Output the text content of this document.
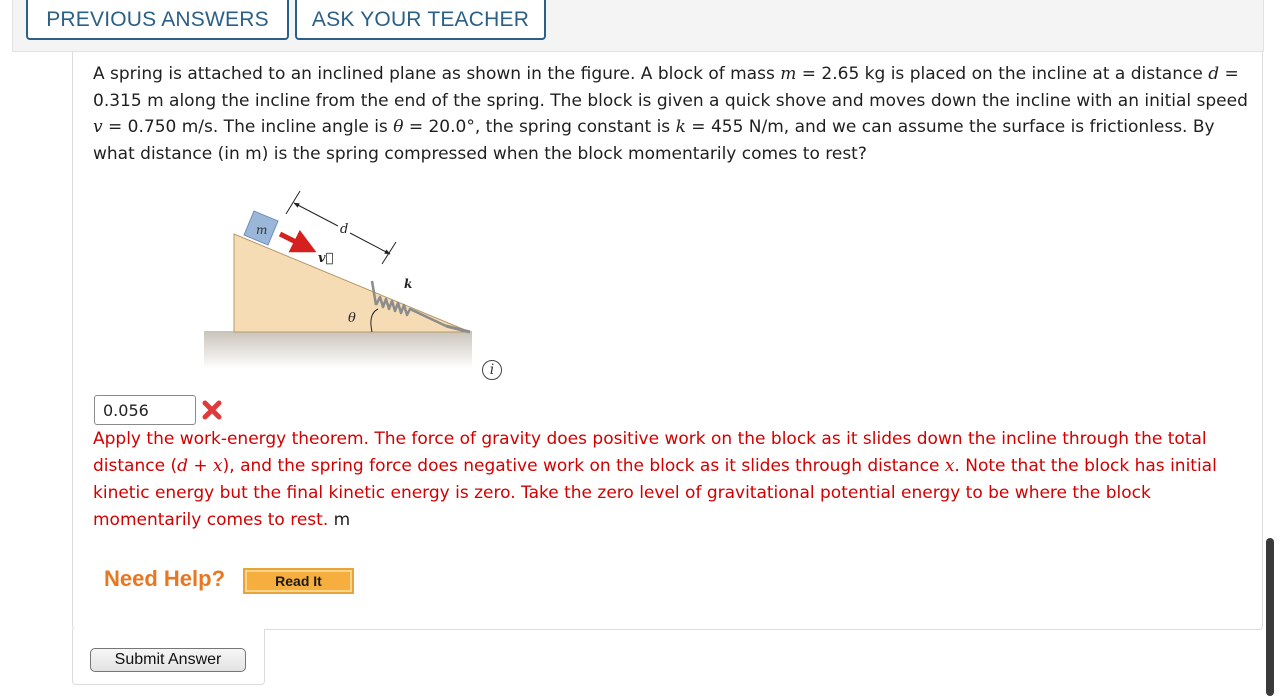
PREVIOUS ANSWERS	ASK YOUR TEACHER

A spring is attached to an inclined plane as shown in the figure. A block of mass m = 2.65 kg is placed on the incline at a distance d = 0.315 m along the incline from the end of the spring. The block is given a quick shove and moves down the incline with an initial speed v = 0.750 m/s. The incline angle is θ = 20.0°, the spring constant is k = 455 N/m, and we can assume the surface is frictionless. By what distance (in m) is the spring compressed when the block momentarily comes to rest?

m
v⃗
d
k
θ
i
0.056

Apply the work-energy theorem. The force of gravity does positive work on the block as it slides down the incline through the total distance (d + x), and the spring force does negative work on the block as it slides through distance x. Note that the block has initial kinetic energy but the final kinetic energy is zero. Take the zero level of gravitational potential energy to be where the block momentarily comes to rest. m

Need Help?	Read It
Submit Answer
